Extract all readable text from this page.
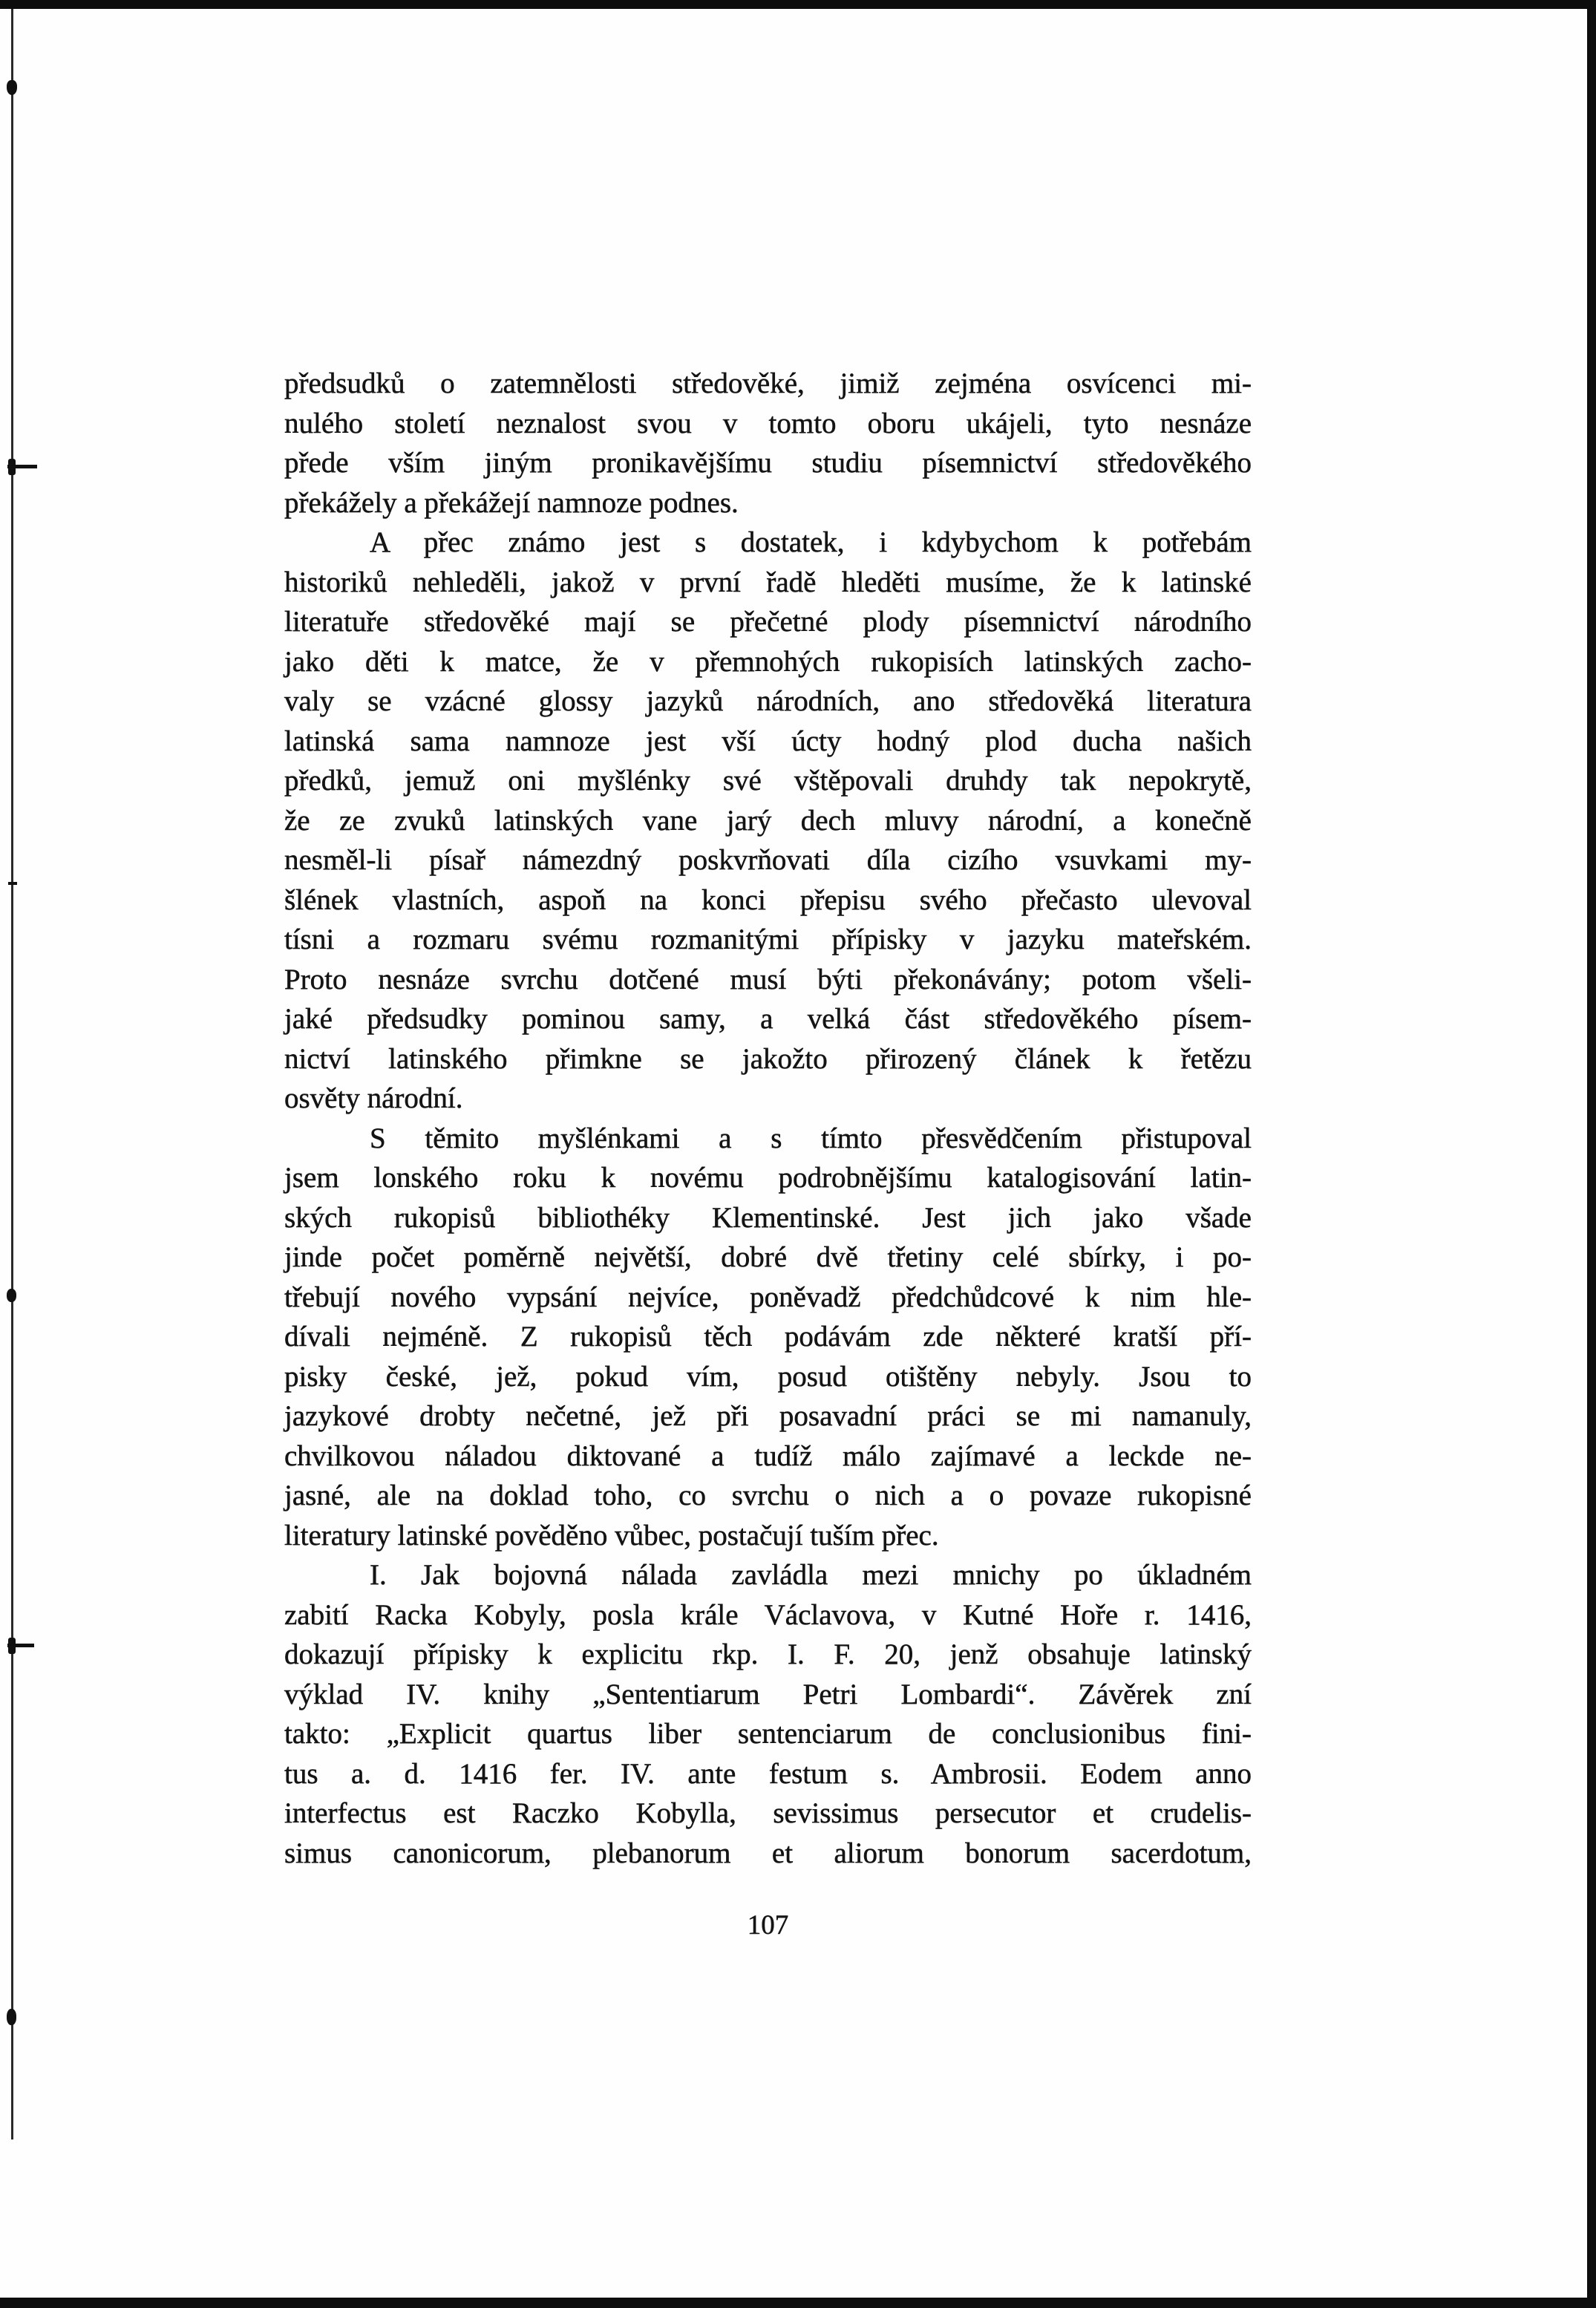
předsudků o zatemnělosti středověké, jimiž zejména osvícenci mi-
nulého století neznalost svou v tomto oboru ukájeli, tyto nesnáze
přede vším jiným pronikavějšímu studiu písemnictví středověkého
překážely a překážejí namnoze podnes.
A přec známo jest s dostatek, i kdybychom k potřebám
historiků nehleděli, jakož v první řadě hleděti musíme, že k latinské
literatuře středověké mají se přečetné plody písemnictví národního
jako děti k matce, že v přemnohých rukopisích latinských zacho-
valy se vzácné glossy jazyků národních, ano středověká literatura
latinská sama namnoze jest vší úcty hodný plod ducha našich
předků, jemuž oni myšlénky své vštěpovali druhdy tak nepokrytě,
že ze zvuků latinských vane jarý dech mluvy národní, a konečně
nesměl-li písař námezdný poskvrňovati díla cizího vsuvkami my-
šlének vlastních, aspoň na konci přepisu svého přečasto ulevoval
tísni a rozmaru svému rozmanitými přípisky v jazyku mateřském.
Proto nesnáze svrchu dotčené musí býti překonávány; potom všeli-
jaké předsudky pominou samy, a velká část středověkého písem-
nictví latinského přimkne se jakožto přirozený článek k řetězu
osvěty národní.
S těmito myšlénkami a s tímto přesvědčením přistupoval
jsem lonského roku k novému podrobnějšímu katalogisování latin-
ských rukopisů bibliothéky Klementinské. Jest jich jako všade
jinde počet poměrně největší, dobré dvě třetiny celé sbírky, i po-
třebují nového vypsání nejvíce, poněvadž předchůdcové k nim hle-
dívali nejméně. Z rukopisů těch podávám zde některé kratší pří-
pisky české, jež, pokud vím, posud otištěny nebyly. Jsou to
jazykové drobty nečetné, jež při posavadní práci se mi namanuly,
chvilkovou náladou diktované a tudíž málo zajímavé a leckde ne-
jasné, ale na doklad toho, co svrchu o nich a o povaze rukopisné
literatury latinské pověděno vůbec, postačují tuším přec.
I. Jak bojovná nálada zavládla mezi mnichy po úkladném
zabití Racka Kobyly, posla krále Václavova, v Kutné Hoře r. 1416,
dokazují přípisky k explicitu rkp. I. F. 20, jenž obsahuje latinský
výklad IV. knihy „Sententiarum Petri Lombardi“. Závěrek zní
takto: „Explicit quartus liber sentenciarum de conclusionibus fini-
tus a. d. 1416 fer. IV. ante festum s. Ambrosii. Eodem anno
interfectus est Raczko Kobylla, sevissimus persecutor et crudelis-
simus canonicorum, plebanorum et aliorum bonorum sacerdotum,
107
